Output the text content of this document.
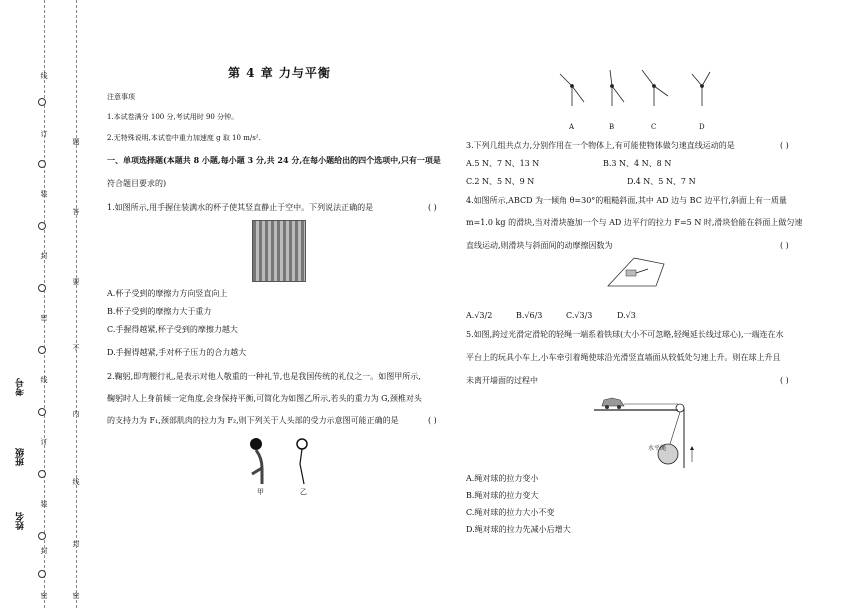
线
订
装
封
密
线
订
装
封
密
题
答
要
不
内
线
封
密
考号
班级
姓名
第 4 章 力与平衡
注意事项
1.本试卷满分 100 分,考试用时 90 分钟。
2.无特殊说明,本试卷中重力加速度 g 取 10 m/s².
一、单项选择题(本题共 8 小题,每小题 3 分,共 24 分,在每小题给出的四个选项中,只有一项是
符合题目要求的)
1.如图所示,用手握住装满水的杯子使其竖直静止于空中。下列说法正确的是	( )
A.杯子受到的摩擦力方向竖直向上
B.杯子受到的摩擦力大于重力
C.手握得越紧,杯子受到的摩擦力越大
D.手握得越紧,手对杯子压力的合力越大
2.鞠躬,即弯腰行礼,是表示对他人敬重的一种礼节,也是我国传统的礼仪之一。如图甲所示,
鞠躬时人上身前倾一定角度,会身保持平衡,可简化为如图乙所示,若头的重力为 G,颈椎对头
的支持力为 F₁,颈部肌肉的拉力为 F₂,则下列关于人头部的受力示意图可能正确的是	( )
甲	乙
A	B	C	D
3.下列几组共点力,分别作用在一个物体上,有可能使物体做匀速直线运动的是	( )
A.5 N、7 N、13 N	B.3 N、4 N、8 N
C.2 N、5 N、9 N	D.4 N、5 N、7 N
4.如图所示,ABCD 为一倾角 θ=30°的粗糙斜面,其中 AD 边与 BC 边平行,斜面上有一质量
m=1.0 kg 的滑块,当对滑块施加一个与 AD 边平行的拉力 F=5 N 时,滑块恰能在斜面上做匀速
直线运动,则滑块与斜面间的动摩擦因数为	( )
A.√3/2	B.√6/3	C.√3/3	D.√3
5.如图,跨过光滑定滑轮的轻绳一端系着铁球(大小不可忽略,轻绳延长线过球心),一端连在水
平台上的玩具小车上,小车牵引着绳使球沿光滑竖直墙面从较低处匀速上升。则在球上升且
未离开墙面的过程中	( )
水平绳
A.绳对球的拉力变小
B.绳对球的拉力变大
C.绳对球的拉力大小不变
D.绳对球的拉力先减小后增大
